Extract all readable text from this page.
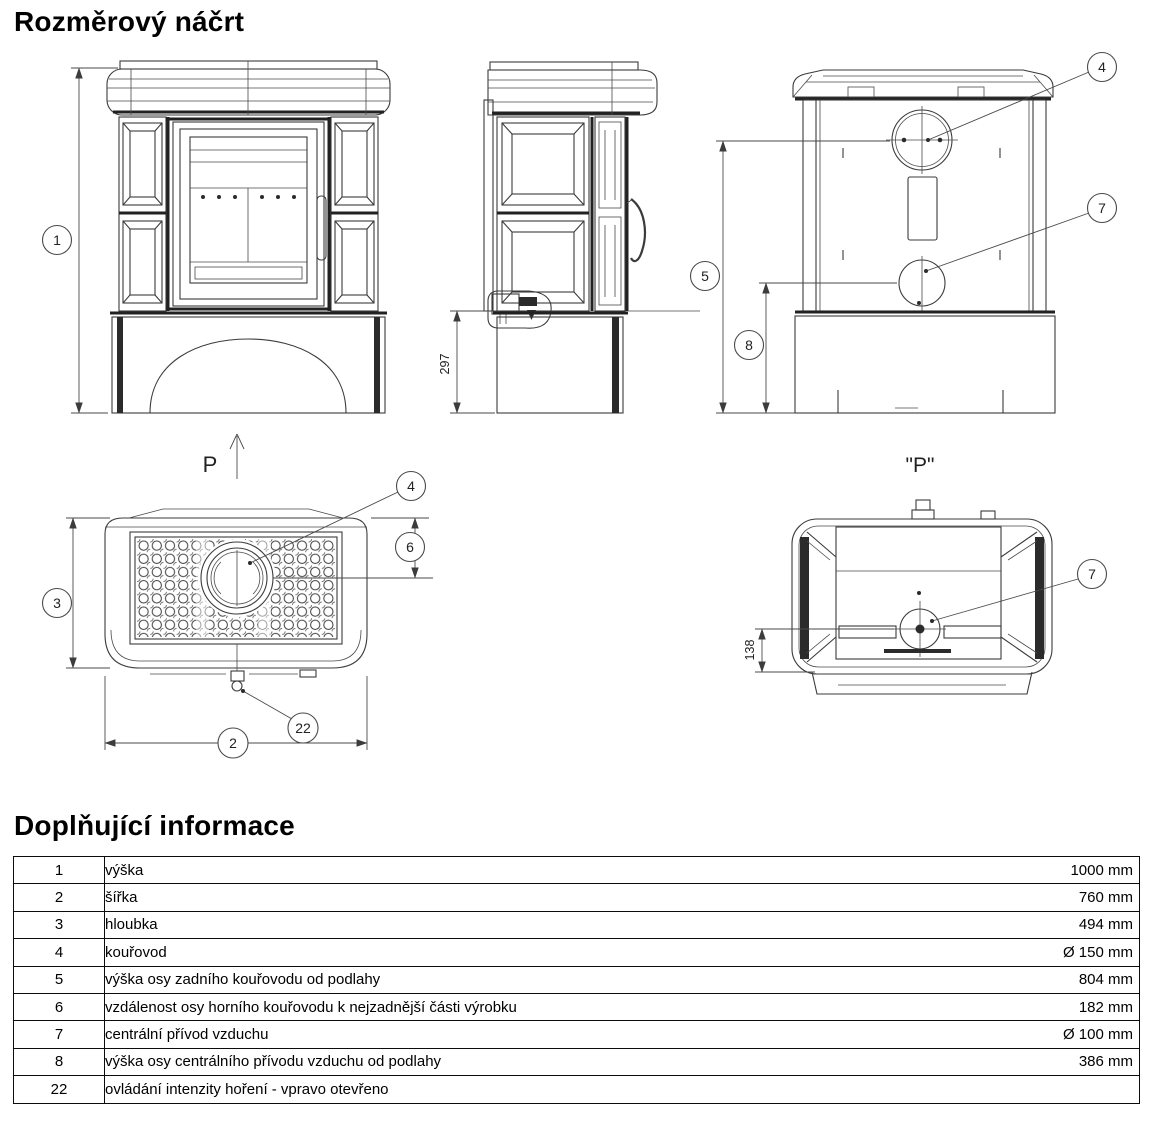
Rozměrový náčrt
1
297
4
7
5
8
P
4
6
3
2
22
"P"
138
7
Doplňující informace
1	výška 1000 mm

2	šířka 760 mm

3	hloubka 494 mm

4	kouřovod Ø 150 mm

5	výška osy zadního kouřovodu od podlahy 804 mm

6	vzdálenost osy horního kouřovodu k nejzadnější části výrobku 182 mm

7	centrální přívod vzduchu Ø 100 mm

8	výška osy centrálního přívodu vzduchu od podlahy 386 mm

22	ovládání intenzity hoření - vpravo otevřeno
